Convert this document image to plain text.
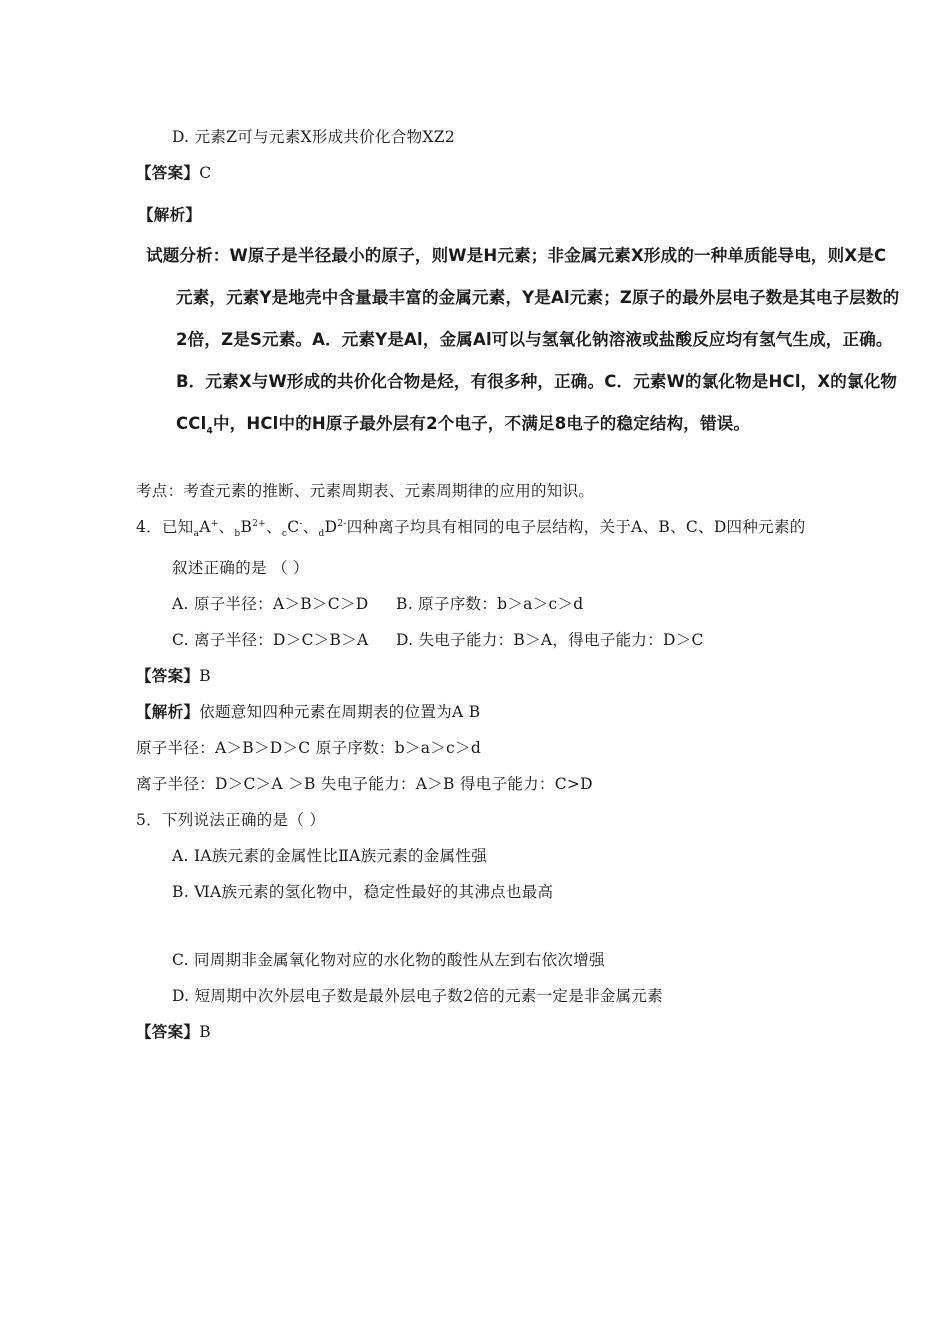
D. 元素Z可与元素X形成共价化合物XZ2
【答案】C
【解析】
试题分析：W原子是半径最小的原子，则W是H元素；非金属元素X形成的一种单质能导电，则X是C
元素，元素Y是地壳中含量最丰富的金属元素，Y是Al元素；Z原子的最外层电子数是其电子层数的
2倍，Z是S元素。A．元素Y是Al，金属Al可以与氢氧化钠溶液或盐酸反应均有氢气生成，正确。
B．元素X与W形成的共价化合物是烃，有很多种，正确。C．元素W的氯化物是HCl，X的氯化物
CCl$_4$中，HCl中的H原子最外层有2个电子，不满足8电子的稳定结构，错误。
考点：考查元素的推断、元素周期表、元素周期律的应用的知识。
4．已知$_a$A+、$_bB^{2+}$、$_c$C-、$_dD^{2-}$四种离子均具有相同的电子层结构，关于A、B、C、D四种元素的
叙述正确的是 （ ）
A. 原子半径：A＞B＞C＞D B. 原子序数：b＞a＞c＞d
C. 离子半径：D＞C＞B＞A D. 失电子能力：B＞A，得电子能力：D＞C
【答案】B
【解析】依题意知四种元素在周期表的位置为A B
原子半径：A＞B＞D＞C 原子序数：b＞a＞c＞d
离子半径：D＞C＞A ＞B 失电子能力：A＞B 得电子能力：C>D
5．下列说法正确的是（ ）
A. ⅠA族元素的金属性比ⅡA族元素的金属性强
B. ⅥA族元素的氢化物中，稳定性最好的其沸点也最高
C. 同周期非金属氧化物对应的水化物的酸性从左到右依次增强
D. 短周期中次外层电子数是最外层电子数2倍的元素一定是非金属元素
【答案】B
